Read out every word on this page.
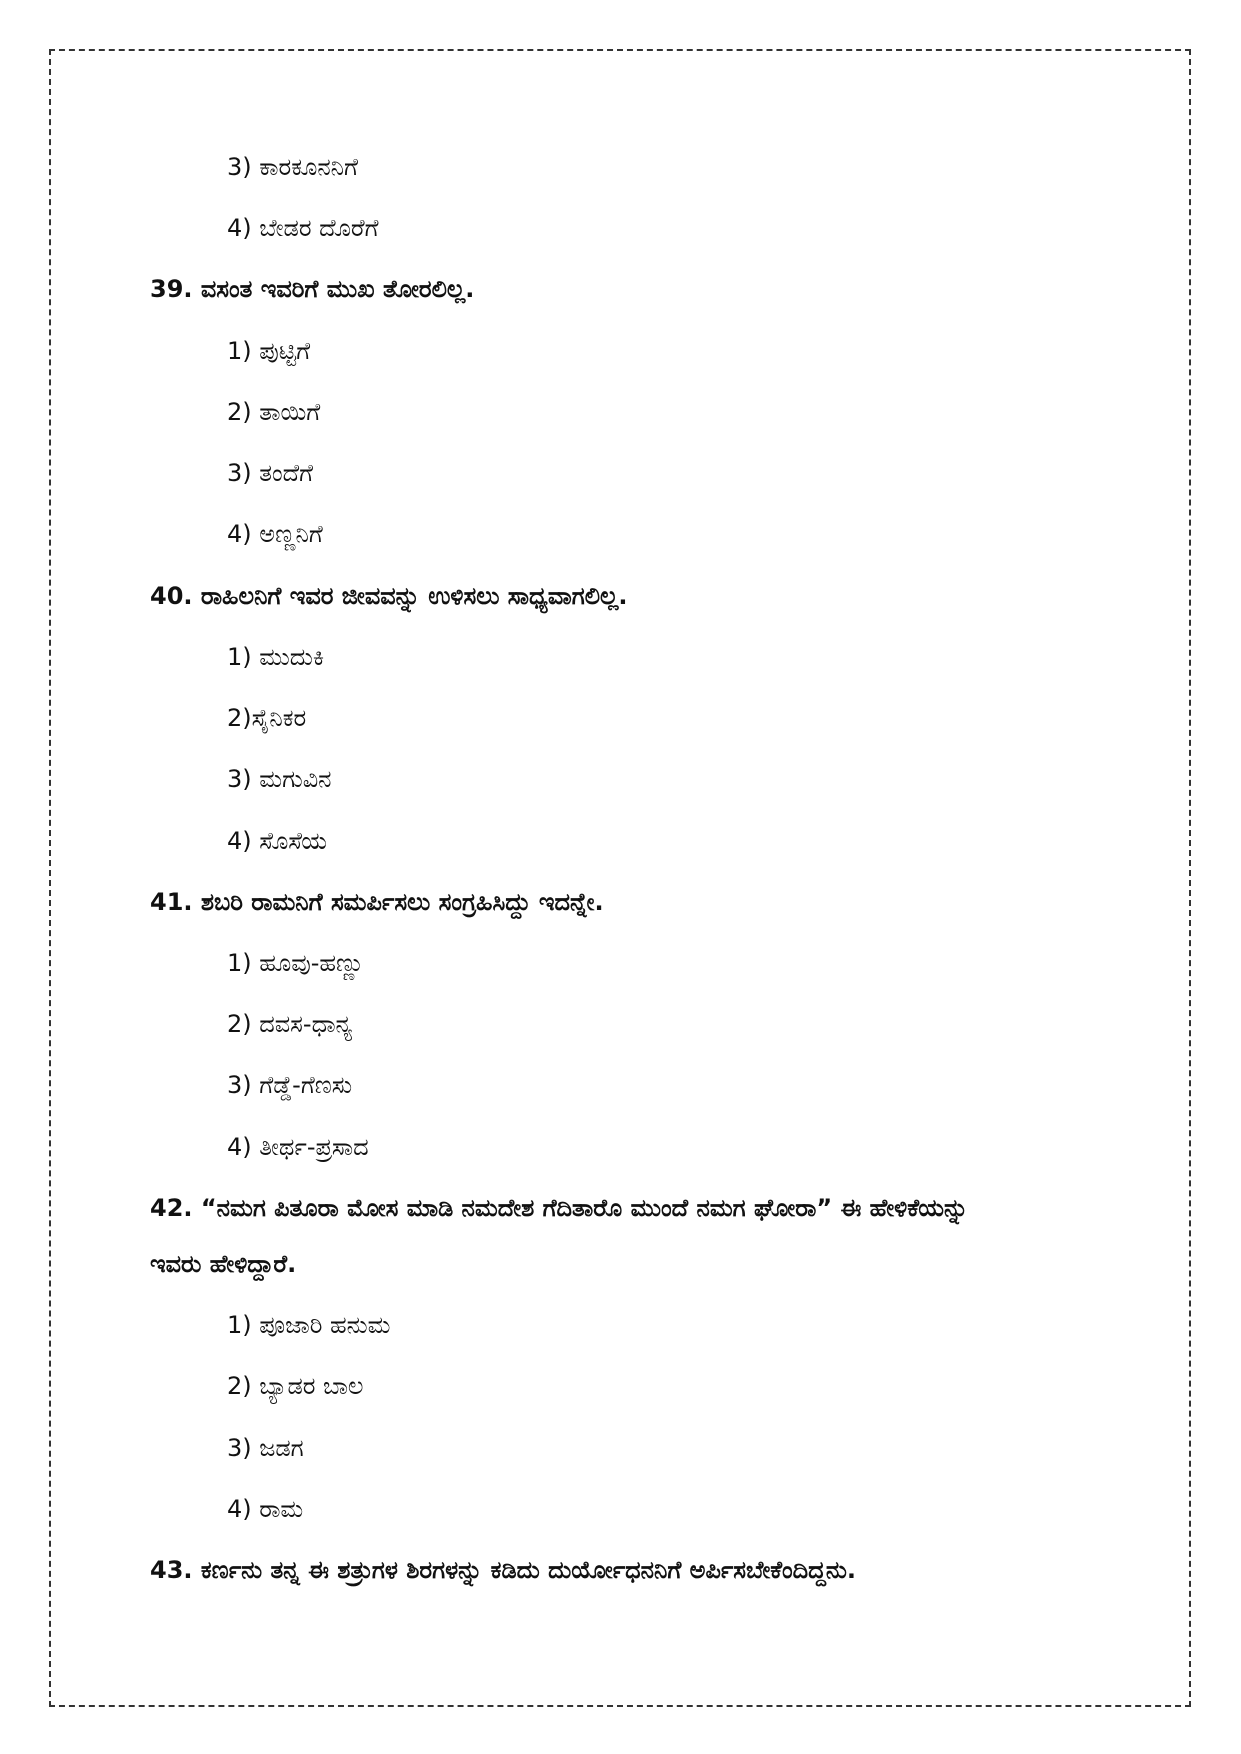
3) ಕಾರಕೂನನಿಗೆ
4) ಬೇಡರ ದೊರೆಗೆ
39. ವಸಂತ ಇವರಿಗೆ ಮುಖ ತೋರಲಿಲ್ಲ.
1) ಪುಟ್ಟಿಗೆ
2) ತಾಯಿಗೆ
3) ತಂದೆಗೆ
4) ಅಣ್ಣನಿಗೆ
40. ರಾಹಿಲನಿಗೆ ಇವರ ಜೀವವನ್ನು ಉಳಿಸಲು ಸಾಧ್ಯವಾಗಲಿಲ್ಲ.
1) ಮುದುಕಿ
2)ಸೈನಿಕರ
3) ಮಗುವಿನ
4) ಸೊಸೆಯ
41. ಶಬರಿ ರಾಮನಿಗೆ ಸಮರ್ಪಿಸಲು ಸಂಗ್ರಹಿಸಿದ್ದು ಇದನ್ನೇ.
1) ಹೂವು-ಹಣ್ಣು
2) ದವಸ-ಧಾನ್ಯ
3) ಗೆಡ್ಡೆ-ಗೆಣಸು
4) ತೀರ್ಥ-ಪ್ರಸಾದ
42. “ನಮಗ ಪಿತೂರಾ ಮೋಸ ಮಾಡಿ ನಮದೇಶ ಗೆದಿತಾರೊ ಮುಂದೆ ನಮಗ ಘೋರಾ” ಈ ಹೇಳಿಕೆಯನ್ನು
ಇವರು ಹೇಳಿದ್ದಾರೆ.
1) ಪೂಜಾರಿ ಹನುಮ
2) ಬ್ಯಾಡರ ಬಾಲ
3) ಜಡಗ
4) ರಾಮ
43. ಕರ್ಣನು ತನ್ನ ಈ ಶತ್ರುಗಳ ಶಿರಗಳನ್ನು ಕಡಿದು ದುರ್ಯೋಧನನಿಗೆ ಅರ್ಪಿಸಬೇಕೆಂದಿದ್ದನು.
